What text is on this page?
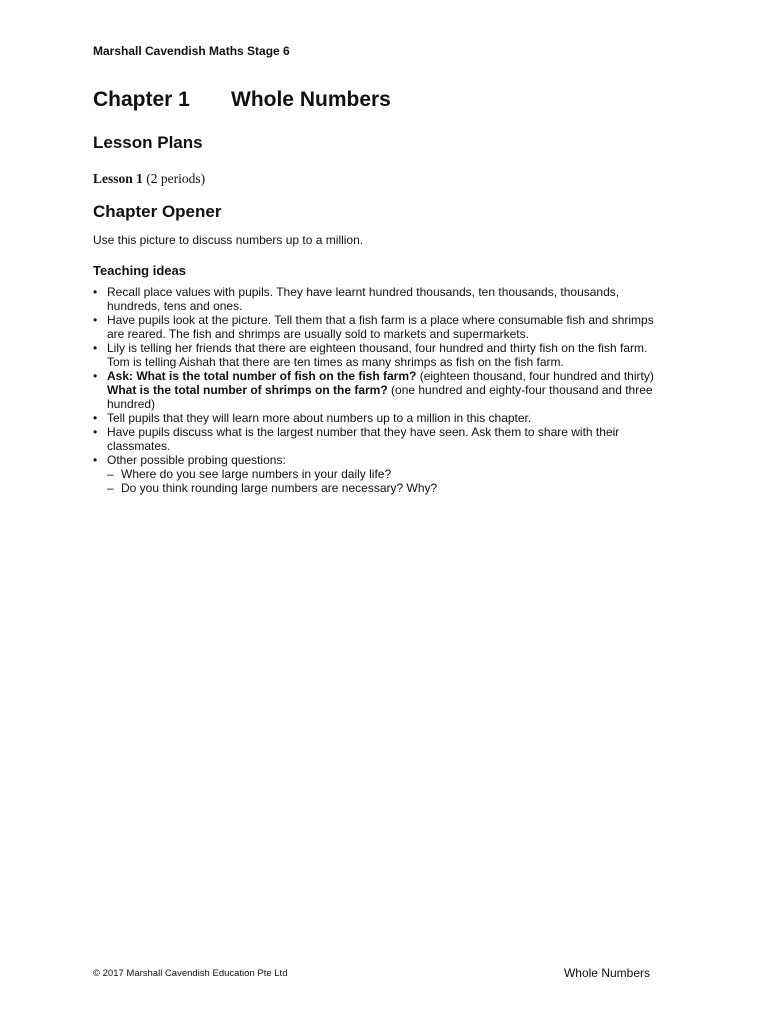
Marshall Cavendish Maths Stage 6
Chapter 1 Whole Numbers
Lesson Plans
Lesson 1 (2 periods)
Chapter Opener
Use this picture to discuss numbers up to a million.
Teaching ideas
• Recall place values with pupils. They have learnt hundred thousands, ten thousands, thousands, hundreds, tens and ones.
• Have pupils look at the picture. Tell them that a fish farm is a place where consumable fish and shrimps are reared. The fish and shrimps are usually sold to markets and supermarkets.
• Lily is telling her friends that there are eighteen thousand, four hundred and thirty fish on the fish farm. Tom is telling Aishah that there are ten times as many shrimps as fish on the fish farm.
• Ask: What is the total number of fish on the fish farm? (eighteen thousand, four hundred and thirty) What is the total number of shrimps on the farm? (one hundred and eighty-four thousand and three hundred)
• Tell pupils that they will learn more about numbers up to a million in this chapter.
• Have pupils discuss what is the largest number that they have seen. Ask them to share with their classmates.
• Other possible probing questions:
– Where do you see large numbers in your daily life?
– Do you think rounding large numbers are necessary? Why?
© 2017 Marshall Cavendish Education Pte Ltd	Whole Numbers
